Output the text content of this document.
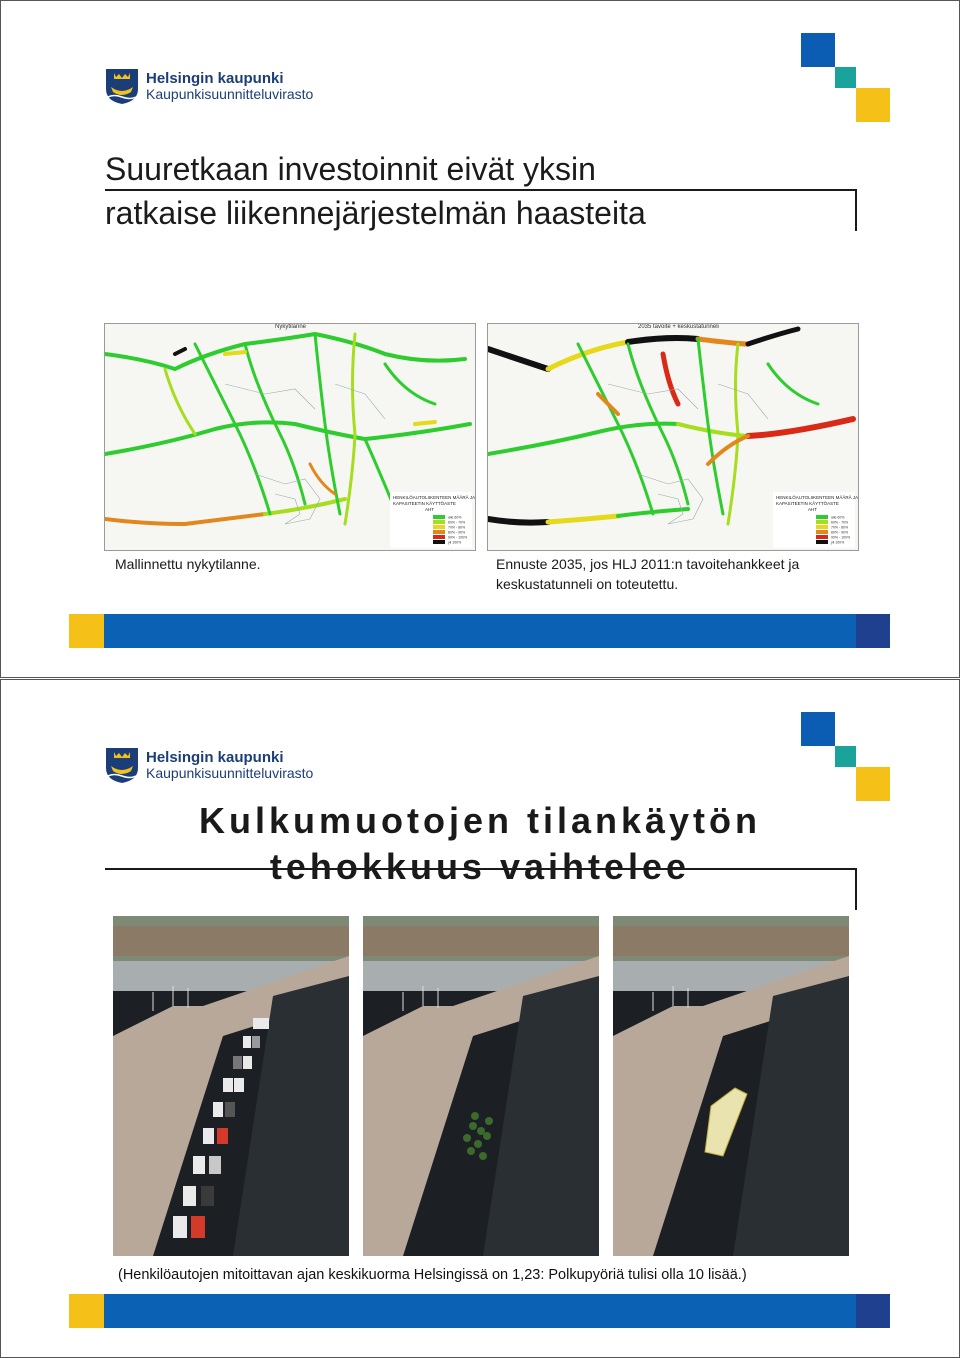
Helsingin kaupunki
Kaupunkisuunnitteluvirasto
Suuretkaan investoinnit eivät yksin
ratkaise liikennejärjestelmän haasteita
Nykytilanne
HENKILÖAUTOLIIKENTEEN MÄÄRÄ JA
KAPASITEETIN KÄYTTÖASTE
AHT
alle 60%
60% - 70%
70% - 80%
80% - 90%
90% - 100%
yli 100%
2035 tavoite + keskustatunneli
HENKILÖAUTOLIIKENTEEN MÄÄRÄ JA
KAPASITEETIN KÄYTTÖASTE
AHT
alle 60%
60% - 70%
70% - 80%
80% - 90%
90% - 100%
yli 100%
Mallinnettu nykytilanne.	Ennuste 2035, jos HLJ 2011:n tavoitehankkeet ja
keskustatunneli on toteutettu.
Helsingin kaupunki
Kaupunkisuunnitteluvirasto
Kulkumuotojen tilankäytön
tehokkuus vaihtelee
(Henkilöautojen mitoittavan ajan keskikuorma Helsingissä on 1,23: Polkupyöriä tulisi olla 10 lisää.)
